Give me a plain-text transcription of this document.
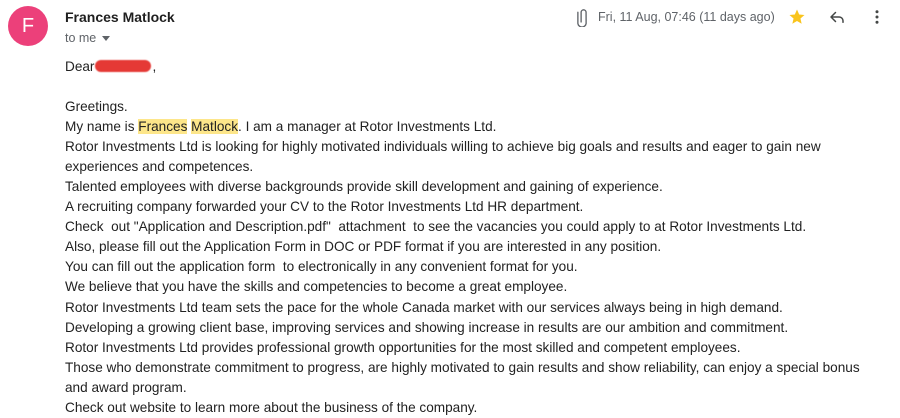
F	Frances Matlock
to me
Fri, 11 Aug, 07:46 (11 days ago)
Dear	,
Greetings.
My name is Frances Matlock. I am a manager at Rotor Investments Ltd.
Rotor Investments Ltd is looking for highly motivated individuals willing to achieve big goals and results and eager to gain new experiences and competences.
Talented employees with diverse backgrounds provide skill development and gaining of experience.
A recruiting company forwarded your CV to the Rotor Investments Ltd HR department.
Check  out "Application and Description.pdf"  attachment  to see the vacancies you could apply to at Rotor Investments Ltd.
Also, please fill out the Application Form in DOC or PDF format if you are interested in any position.
You can fill out the application form  to electronically in any convenient format for you.
We believe that you have the skills and competencies to become a great employee.
Rotor Investments Ltd team sets the pace for the whole Canada market with our services always being in high demand.
Developing a growing client base, improving services and showing increase in results are our ambition and commitment.
Rotor Investments Ltd provides professional growth opportunities for the most skilled and competent employees.
Those who demonstrate commitment to progress, are highly motivated to gain results and show reliability, can enjoy a special bonus and award program.
Check out website to learn more about the business of the company.
